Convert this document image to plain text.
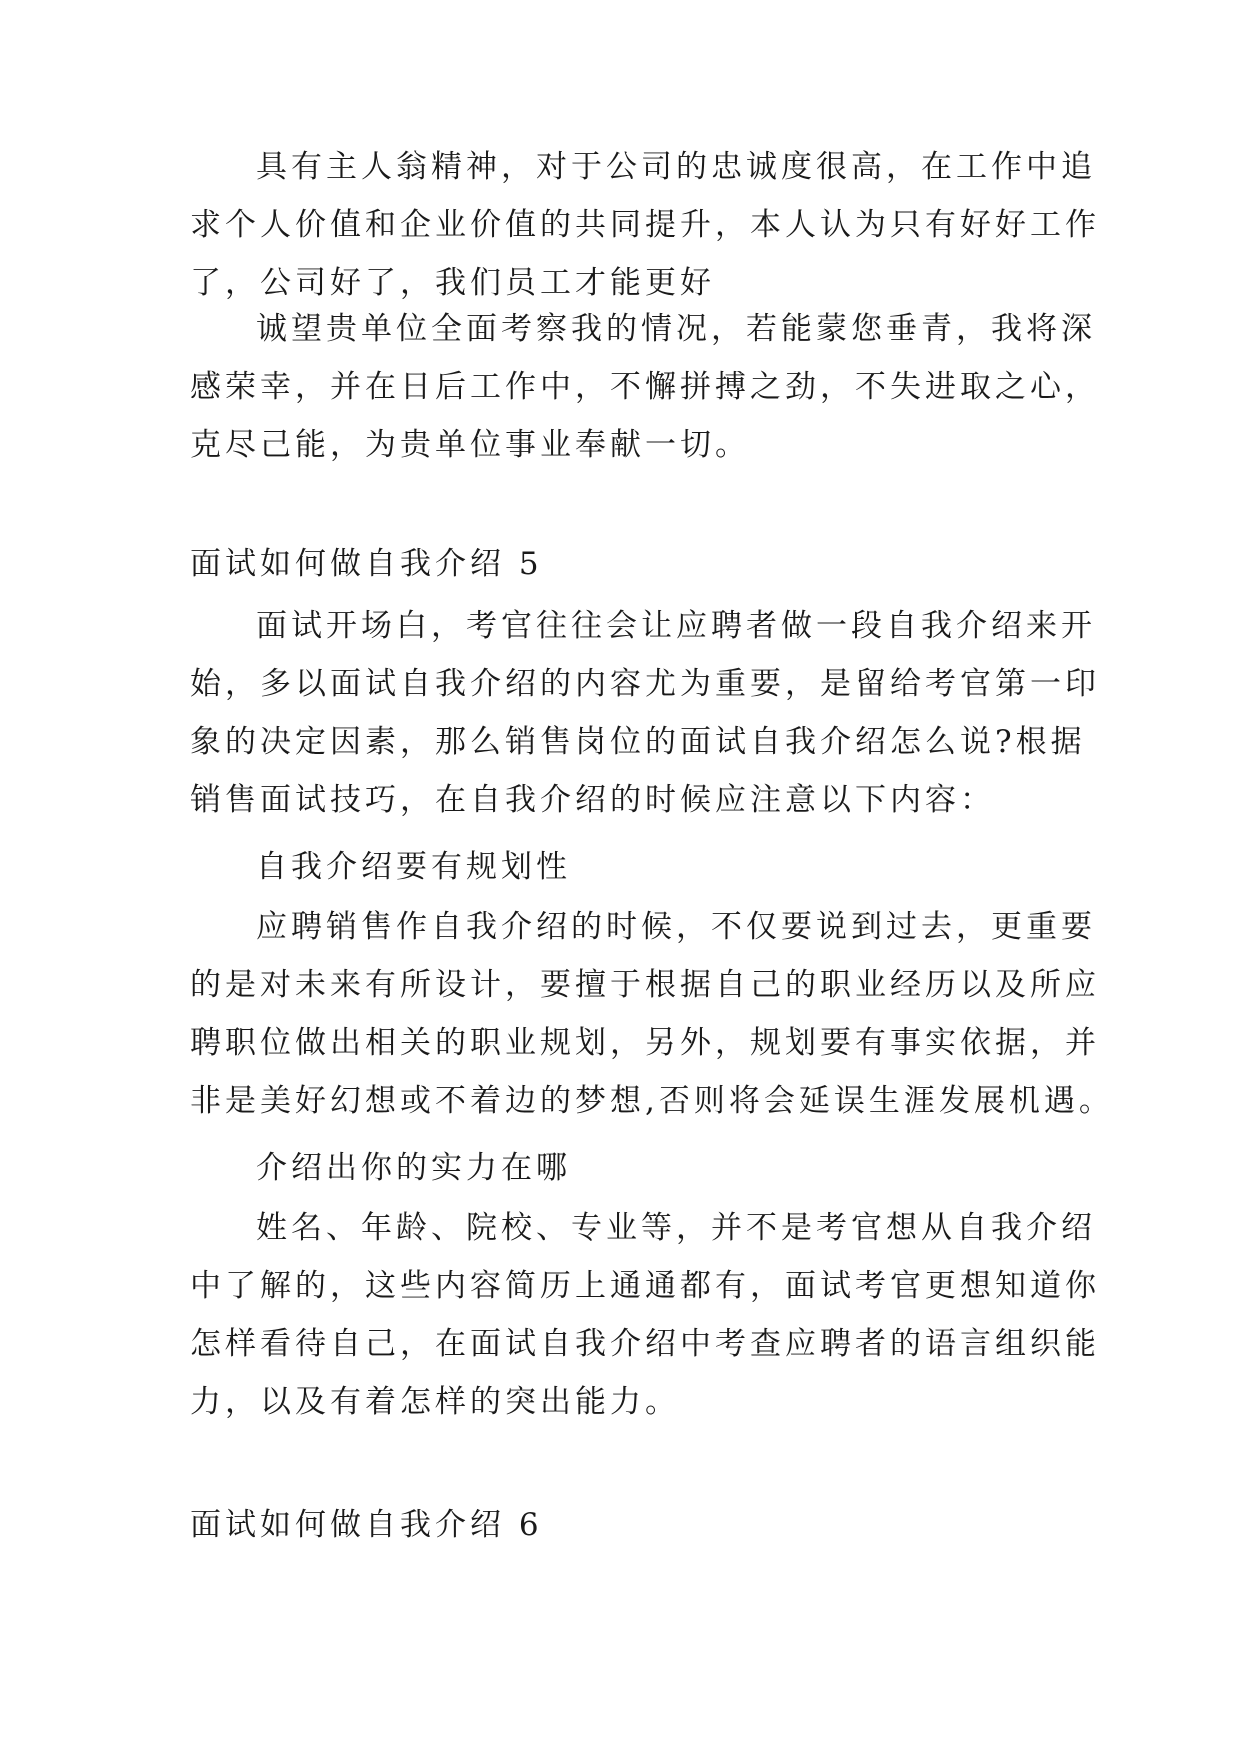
具有主人翁精神，对于公司的忠诚度很高，在工作中追
求个人价值和企业价值的共同提升，本人认为只有好好工作
了，公司好了，我们员工才能更好
诚望贵单位全面考察我的情况，若能蒙您垂青，我将深
感荣幸，并在日后工作中，不懈拼搏之劲，不失进取之心，
克尽己能，为贵单位事业奉献一切。
面试如何做自我介绍 5
面试开场白，考官往往会让应聘者做一段自我介绍来开
始，多以面试自我介绍的内容尤为重要，是留给考官第一印
象的决定因素，那么销售岗位的面试自我介绍怎么说?根据
销售面试技巧，在自我介绍的时候应注意以下内容：
自我介绍要有规划性
应聘销售作自我介绍的时候，不仅要说到过去，更重要
的是对未来有所设计，要擅于根据自己的职业经历以及所应
聘职位做出相关的职业规划，另外，规划要有事实依据，并
非是美好幻想或不着边的梦想,否则将会延误生涯发展机遇。
介绍出你的实力在哪
姓名、年龄、院校、专业等，并不是考官想从自我介绍
中了解的，这些内容简历上通通都有，面试考官更想知道你
怎样看待自己，在面试自我介绍中考查应聘者的语言组织能
力，以及有着怎样的突出能力。
面试如何做自我介绍 6
